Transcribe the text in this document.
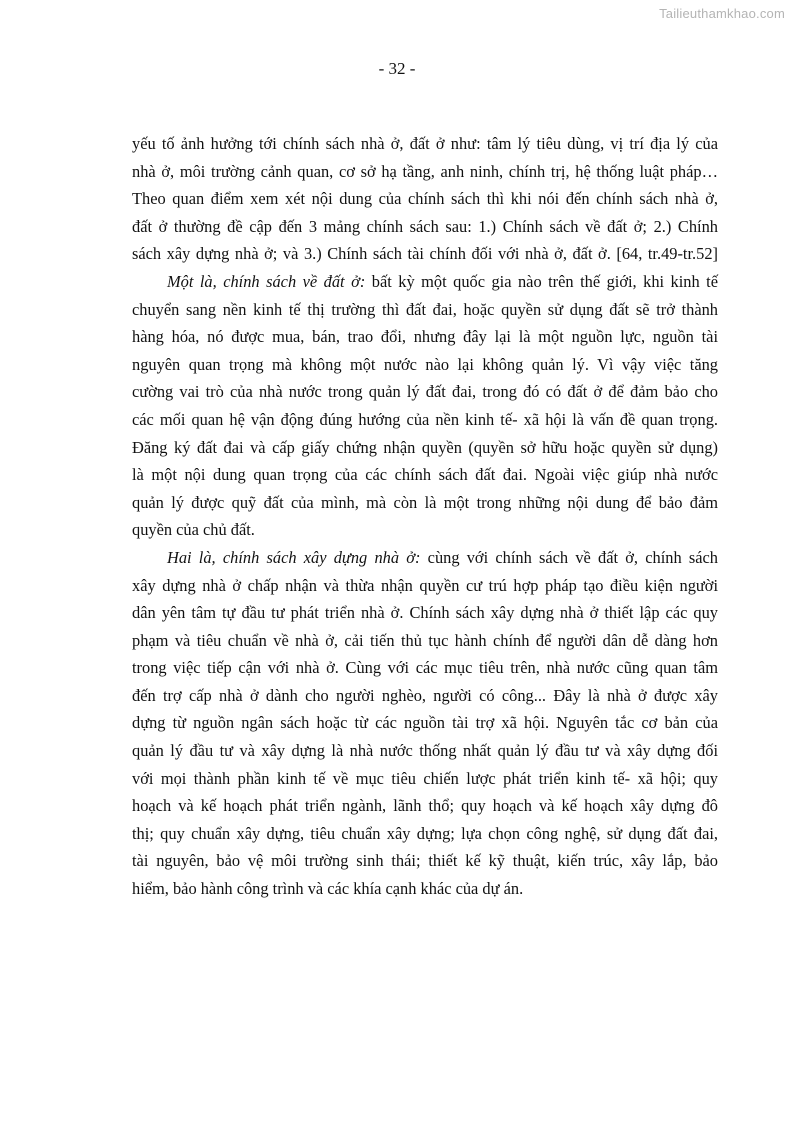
Tailieuthamkhao.com
- 32 -
yếu tố ảnh hưởng tới chính sách nhà ở, đất ở như: tâm lý tiêu dùng, vị trí địa lý của
nhà ở, môi trường cảnh quan, cơ sở hạ tầng, anh ninh, chính trị, hệ thống luật pháp…
Theo quan điểm xem xét nội dung của chính sách thì khi nói đến chính sách nhà ở,
đất ở thường đề cập đến 3 mảng chính sách sau: 1.) Chính sách về đất ở; 2.) Chính
sách xây dựng nhà ở; và 3.) Chính sách tài chính đối với nhà ở, đất ở. [64, tr.49-tr.52]
Một là, chính sách về đất ở: bất kỳ một quốc gia nào trên thế giới, khi kinh tế
chuyển sang nền kinh tế thị trường thì đất đai, hoặc quyền sử dụng đất sẽ trở thành
hàng hóa, nó được mua, bán, trao đổi, nhưng đây lại là một nguồn lực, nguồn tài
nguyên quan trọng mà không một nước nào lại không quản lý. Vì vậy việc tăng
cường vai trò của nhà nước trong quản lý đất đai, trong đó có đất ở để đảm bảo cho
các mối quan hệ vận động đúng hướng của nền kinh tế- xã hội là vấn đề quan trọng.
Đăng ký đất đai và cấp giấy chứng nhận quyền (quyền sở hữu hoặc quyền sử dụng)
là một nội dung quan trọng của các chính sách đất đai. Ngoài việc giúp nhà nước
quản lý được quỹ đất của mình, mà còn là một trong những nội dung để bảo đảm
quyền của chủ đất.
Hai là, chính sách xây dựng nhà ở: cùng với chính sách về đất ở, chính sách
xây dựng nhà ở chấp nhận và thừa nhận quyền cư trú hợp pháp tạo điều kiện người
dân yên tâm tự đầu tư phát triển nhà ở. Chính sách xây dựng nhà ở thiết lập các quy
phạm và tiêu chuẩn về nhà ở, cải tiến thủ tục hành chính để người dân dễ dàng hơn
trong việc tiếp cận với nhà ở. Cùng với các mục tiêu trên, nhà nước cũng quan tâm
đến trợ cấp nhà ở dành cho người nghèo, người có công... Đây là nhà ở được xây
dựng từ nguồn ngân sách hoặc từ các nguồn tài trợ xã hội. Nguyên tắc cơ bản của
quản lý đầu tư và xây dựng là nhà nước thống nhất quản lý đầu tư và xây dựng đối
với mọi thành phần kinh tế về mục tiêu chiến lược phát triển kinh tế- xã hội; quy
hoạch và kế hoạch phát triển ngành, lãnh thổ; quy hoạch và kế hoạch xây dựng đô
thị; quy chuẩn xây dựng, tiêu chuẩn xây dựng; lựa chọn công nghệ, sử dụng đất đai,
tài nguyên, bảo vệ môi trường sinh thái; thiết kế kỹ thuật, kiến trúc, xây lắp, bảo
hiểm, bảo hành công trình và các khía cạnh khác của dự án.
